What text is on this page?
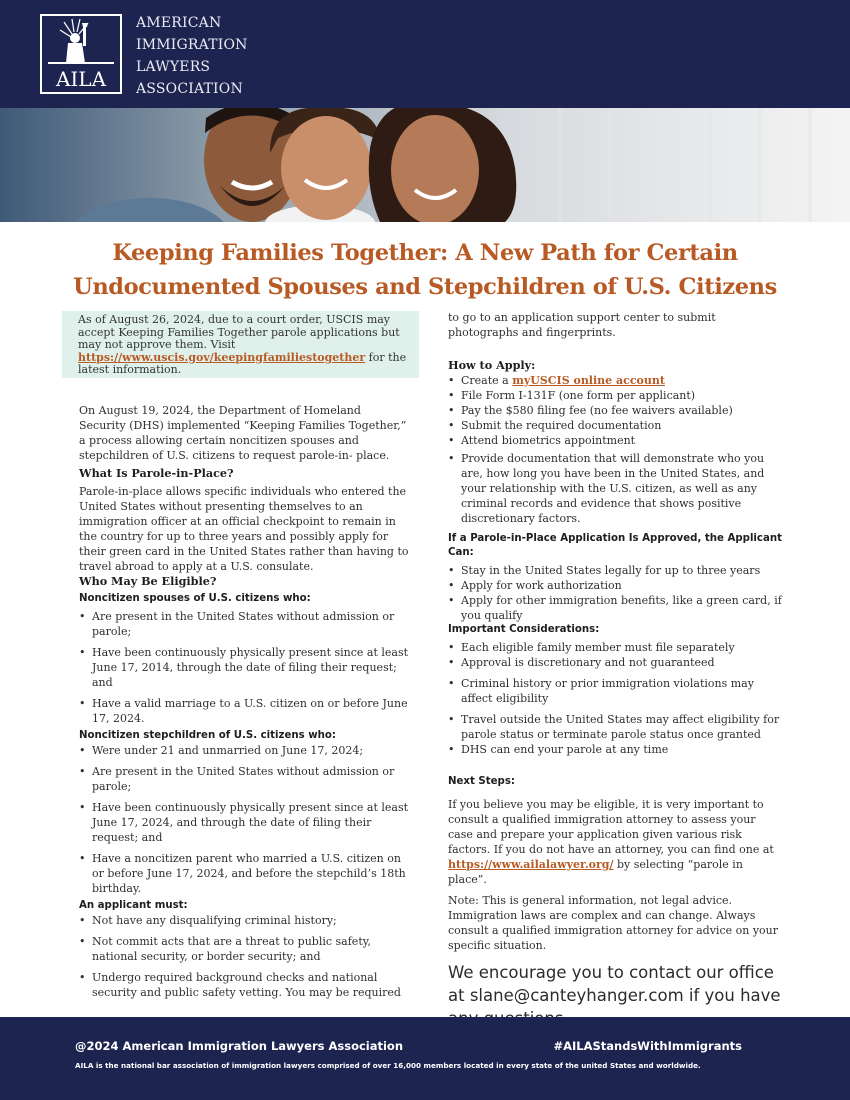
AILA
AMERICAN
IMMIGRATION
LAWYERS
ASSOCIATION
Keeping Families Together: A New Path for Certain
Undocumented Spouses and Stepchildren of U.S. Citizens
As of August 26, 2024, due to a court order, USCIS may accept Keeping Families Together parole applications but may not approve them. Visit https://www.uscis.gov/keepingfamiliestogether for the latest information.

On August 19, 2024, the Department of Homeland Security (DHS) implemented “Keeping Families Together,” a process allowing certain noncitizen spouses and stepchildren of U.S. citizens to request parole-in- place.

What Is Parole-in-Place?

Parole-in-place allows specific individuals who entered the United States without presenting themselves to an immigration officer at an official checkpoint to remain in the country for up to three years and possibly apply for their green card in the United States rather than having to travel abroad to apply at a U.S. consulate.

Who May Be Eligible?

Noncitizen spouses of U.S. citizens who:

• Are present in the United States without admission or parole;
• Have been continuously physically present since at least June 17, 2014, through the date of filing their request; and
• Have a valid marriage to a U.S. citizen on or before June 17, 2024.

Noncitizen stepchildren of U.S. citizens who:

• Were under 21 and unmarried on June 17, 2024;
• Are present in the United States without admission or parole;
• Have been continuously physically present since at least June 17, 2024, and through the date of filing their request; and
• Have a noncitizen parent who married a U.S. citizen on or before June 17, 2024, and before the stepchild’s 18th birthday.

An applicant must:

• Not have any disqualifying criminal history;
• Not commit acts that are a threat to public safety, national security, or border security; and
• Undergo required background checks and national security and public safety vetting. You may be required

to go to an application support center to submit photographs and fingerprints.

How to Apply:

• Create a myUSCIS online account
• File Form I-131F (one form per applicant)
• Pay the $580 filing fee (no fee waivers available)
• Submit the required documentation
• Attend biometrics appointment
• Provide documentation that will demonstrate who you are, how long you have been in the United States, and your relationship with the U.S. citizen, as well as any criminal records and evidence that shows positive discretionary factors.

If a Parole-in-Place Application Is Approved, the Applicant Can:

• Stay in the United States legally for up to three years
• Apply for work authorization
• Apply for other immigration benefits, like a green card, if you qualify

Important Considerations:

• Each eligible family member must file separately
• Approval is discretionary and not guaranteed
• Criminal history or prior immigration violations may affect eligibility
• Travel outside the United States may affect eligibility for parole status or terminate parole status once granted
• DHS can end your parole at any time

Next Steps:

If you believe you may be eligible, it is very important to consult a qualified immigration attorney to assess your case and prepare your application given various risk factors. If you do not have an attorney, you can find one at https://www.ailalawyer.org/ by selecting “parole in place”.

Note: This is general information, not legal advice. Immigration laws are complex and can change. Always consult a qualified immigration attorney for advice on your specific situation.

We encourage you to contact our office at slane@canteyhanger.com if you have

@2024 American Immigration Lawyers Association	#AILAStandsWithImmigrants
AILA is the national bar association of immigration lawyers comprised of over 16,000 members located in every state of the united States and worldwide.
